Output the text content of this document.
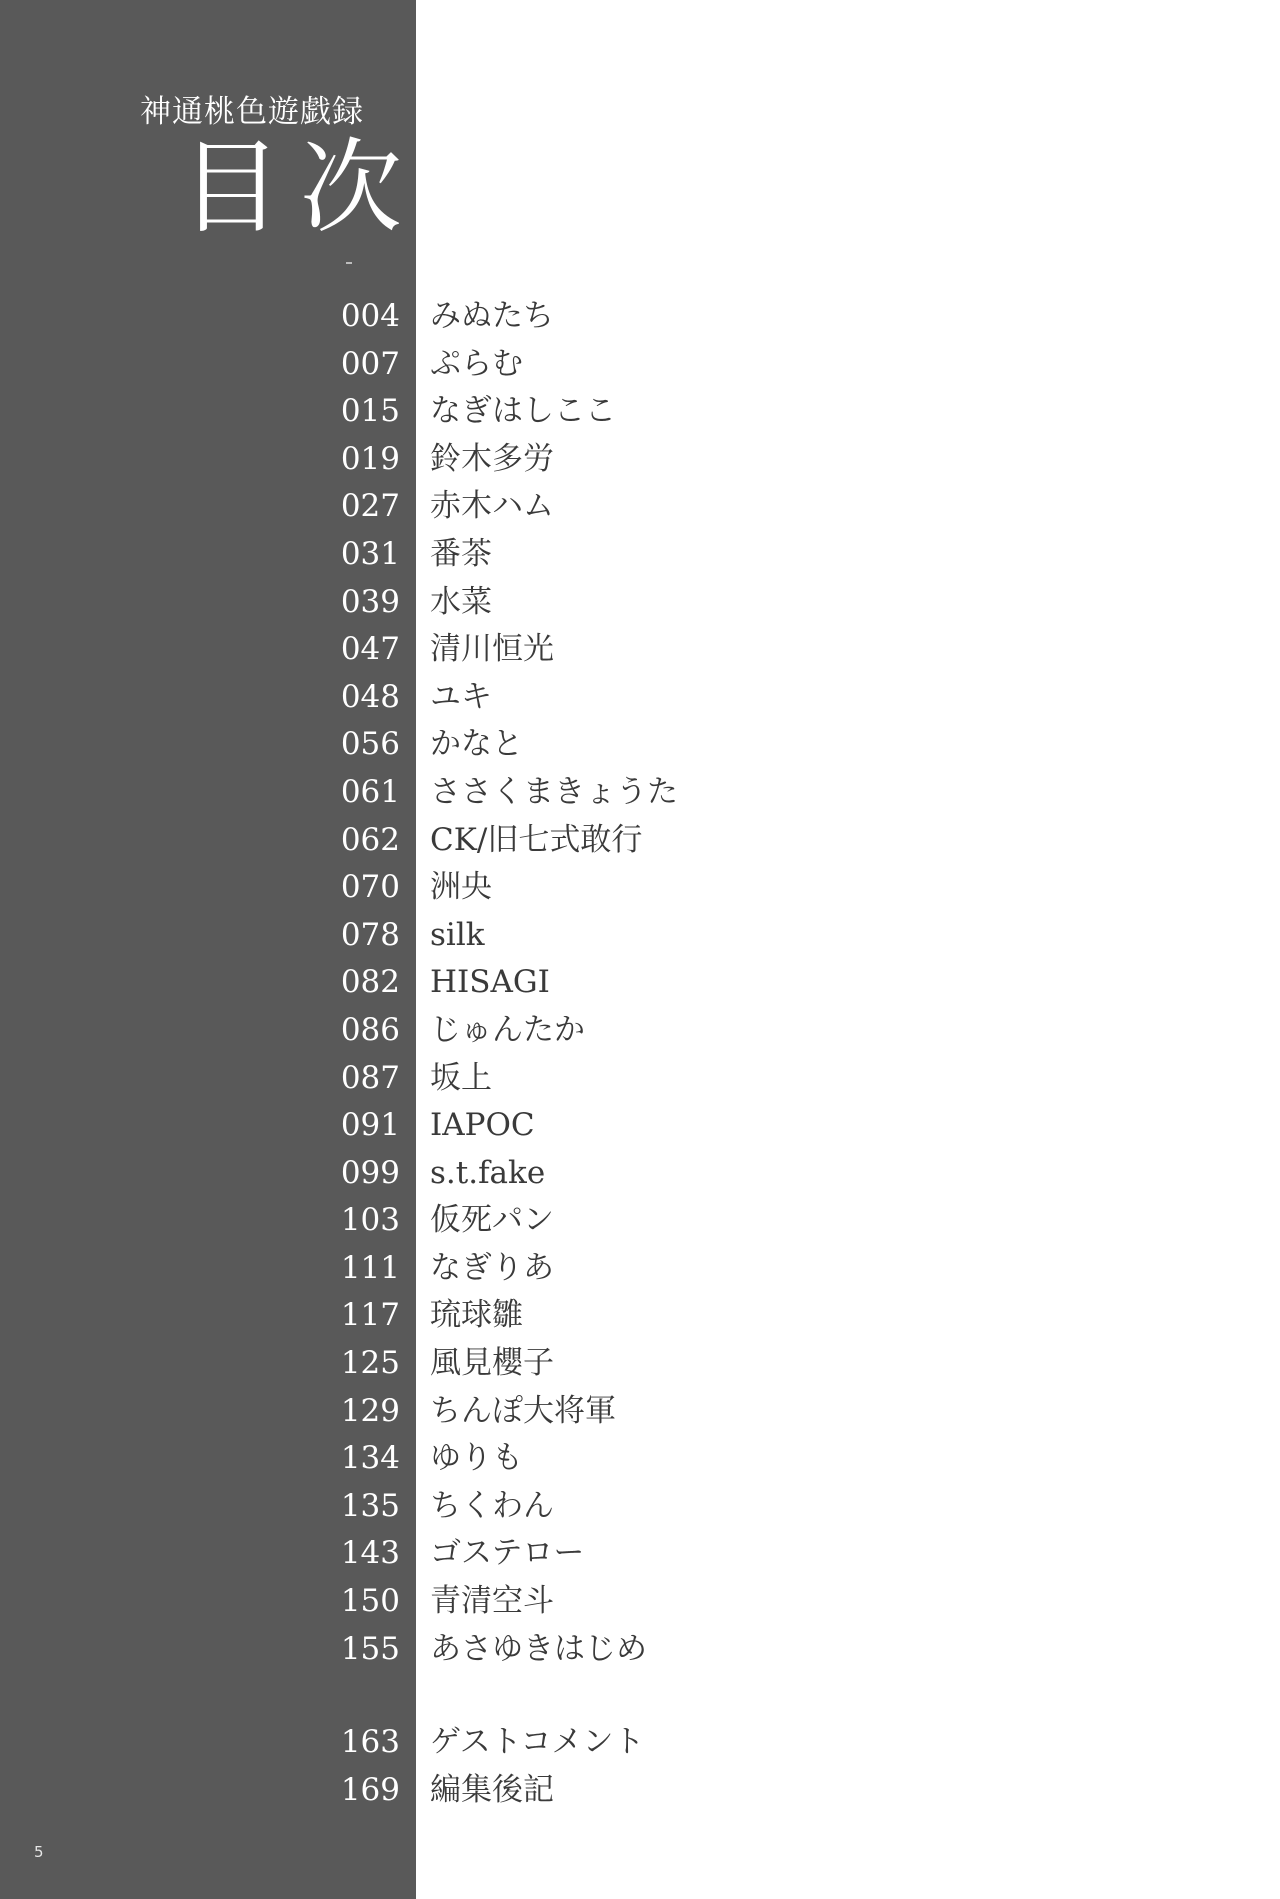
神通桃色遊戯録
目次
004 みぬたち
007 ぷらむ
015 なぎはしここ
019 鈴木多労
027 赤木ハム
031 番茶
039 水菜
047 清川恒光
048 ユキ
056 かなと
061 ささくまきょうた
062 CK/旧七式敢行
070 洲央
078 silk
082 HISAGI
086 じゅんたか
087 坂上
091 IAPOC
099 s.t.fake
103 仮死パン
111 なぎりあ
117 琉球雛
125 風見櫻子
129 ちんぽ大将軍
134 ゆりも
135 ちくわん
143 ゴステロー
150 青清空斗
155 あさゆきはじめ
163 ゲストコメント
169 編集後記
5
